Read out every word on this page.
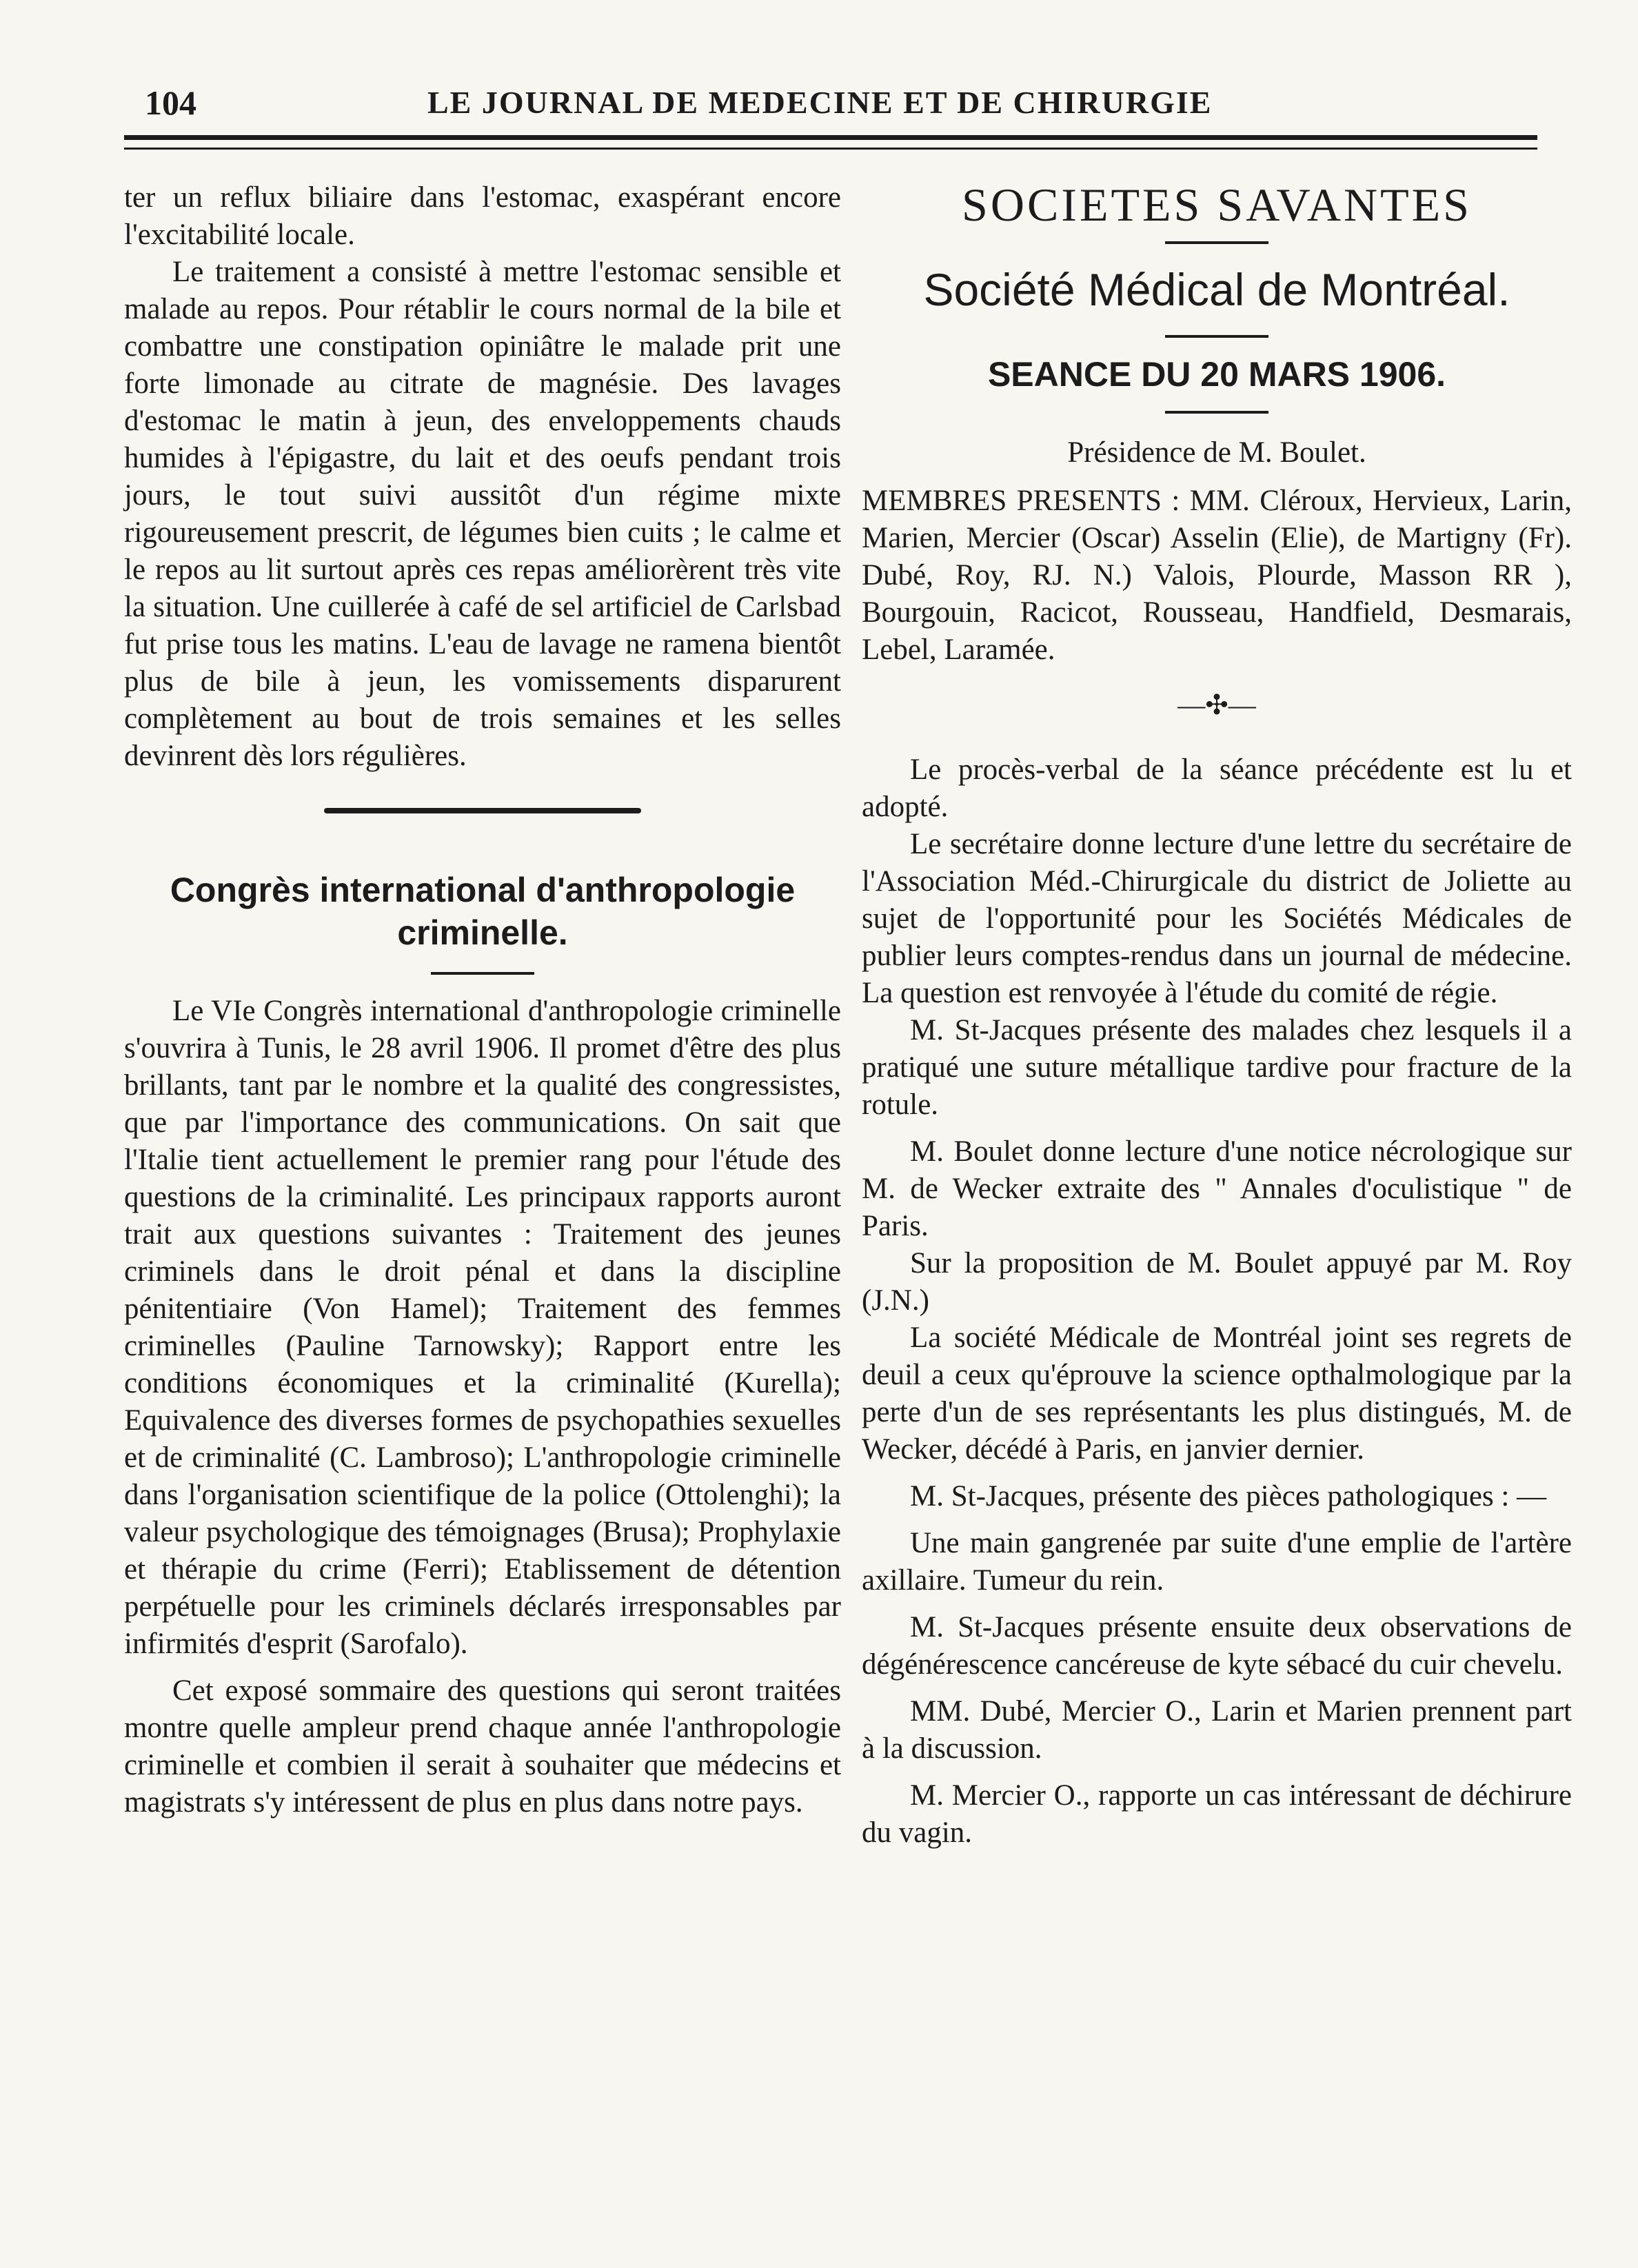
104	LE JOURNAL DE MEDECINE ET DE CHIRURGIE

ter un reflux biliaire dans l'estomac, exaspérant encore l'excitabilité locale.

Le traitement a consisté à mettre l'estomac sensible et malade au repos. Pour rétablir le cours normal de la bile et combattre une constipation opiniâtre le malade prit une forte limonade au citrate de magnésie. Des lavages d'estomac le matin à jeun, des enveloppements chauds humides à l'épigastre, du lait et des oeufs pendant trois jours, le tout suivi aussitôt d'un régime mixte rigoureusement prescrit, de légumes bien cuits ; le calme et le repos au lit surtout après ces repas améliorèrent très vite la situation. Une cuillerée à café de sel artificiel de Carlsbad fut prise tous les matins. L'eau de lavage ne ramena bientôt plus de bile à jeun, les vomissements disparurent complètement au bout de trois semaines et les selles devinrent dès lors régulières.

Congrès international d'anthropologie criminelle.

Le VIe Congrès international d'anthropologie criminelle s'ouvrira à Tunis, le 28 avril 1906. Il promet d'être des plus brillants, tant par le nombre et la qualité des congressistes, que par l'importance des communications. On sait que l'Italie tient actuellement le premier rang pour l'étude des questions de la criminalité. Les principaux rapports auront trait aux questions suivantes : Traitement des jeunes criminels dans le droit pénal et dans la discipline pénitentiaire (Von Hamel); Traitement des femmes criminelles (Pauline Tarnowsky); Rapport entre les conditions économiques et la criminalité (Kurella); Equivalence des diverses formes de psychopathies sexuelles et de criminalité (C. Lambroso); L'anthropologie criminelle dans l'organisation scientifique de la police (Ottolenghi); la valeur psychologique des témoignages (Brusa); Prophylaxie et thérapie du crime (Ferri); Etablissement de détention perpétuelle pour les criminels déclarés irresponsables par infirmités d'esprit (Sarofalo).

Cet exposé sommaire des questions qui seront traitées montre quelle ampleur prend chaque année l'anthropologie criminelle et combien il serait à souhaiter que médecins et magistrats s'y intéressent de plus en plus dans notre pays.

SOCIETES SAVANTES
Société Médical de Montréal.
SEANCE DU 20 MARS 1906.
Présidence de M. Boulet.

MEMBRES PRESENTS : MM. Cléroux, Hervieux, Larin, Marien, Mercier (Oscar) Asselin (Elie), de Martigny (Fr). Dubé, Roy, RJ. N.) Valois, Plourde, Masson RR ), Bourgouin, Racicot, Rousseau, Handfield, Desmarais, Lebel, Laramée.

—✣—

Le procès-verbal de la séance précédente est lu et adopté.

Le secrétaire donne lecture d'une lettre du secrétaire de l'Association Méd.-Chirurgicale du district de Joliette au sujet de l'opportunité pour les Sociétés Médicales de publier leurs comptes-rendus dans un journal de médecine. La question est renvoyée à l'étude du comité de régie.

M. St-Jacques présente des malades chez lesquels il a pratiqué une suture métallique tardive pour fracture de la rotule.

M. Boulet donne lecture d'une notice nécrologique sur M. de Wecker extraite des " Annales d'oculistique " de Paris.

Sur la proposition de M. Boulet appuyé par M. Roy (J.N.)

La société Médicale de Montréal joint ses regrets de deuil a ceux qu'éprouve la science opthalmologique par la perte d'un de ses représentants les plus distingués, M. de Wecker, décédé à Paris, en janvier dernier.

M. St-Jacques, présente des pièces pathologiques : —

Une main gangrenée par suite d'une emplie de l'artère axillaire. Tumeur du rein.

M. St-Jacques présente ensuite deux observations de dégénérescence cancéreuse de kyte sébacé du cuir chevelu.

MM. Dubé, Mercier O., Larin et Marien prennent part à la discussion.

M. Mercier O., rapporte un cas intéressant de déchirure du vagin.
